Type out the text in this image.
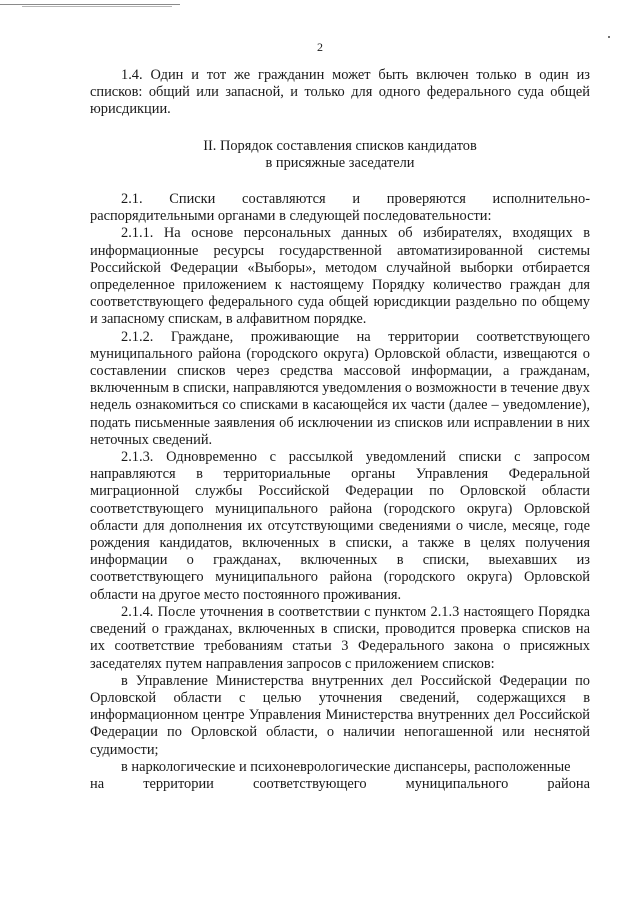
2

1.4. Один и тот же гражданин может быть включен только в один из списков: общий или запасной, и только для одного федерального суда общей юрисдикции.

II. Порядок составления списков кандидатов

в присяжные заседатели

2.1. Списки составляются и проверяются исполнительно-распорядительными органами в следующей последовательности:

2.1.1. На основе персональных данных об избирателях, входящих в информационные ресурсы государственной автоматизированной системы Российской Федерации «Выборы», методом случайной выборки отбирается определенное приложением к настоящему Порядку количество граждан для соответствующего федерального суда общей юрисдикции раздельно по общему и запасному спискам, в алфавитном порядке.

2.1.2. Граждане, проживающие на территории соответствующего муниципального района (городского округа) Орловской области, извещаются о составлении списков через средства массовой информации, а гражданам, включенным в списки, направляются уведомления о возможности в течение двух недель ознакомиться со списками в касающейся их части (далее – уведомление), подать письменные заявления об исключении из списков или исправлении в них неточных сведений.

2.1.3. Одновременно с рассылкой уведомлений списки с запросом направляются в территориальные органы Управления Федеральной миграционной службы Российской Федерации по Орловской области соответствующего муниципального района (городского округа) Орловской области для дополнения их отсутствующими сведениями о числе, месяце, годе рождения кандидатов, включенных в списки, а также в целях получения информации о гражданах, включенных в списки, выехавших из соответствующего муниципального района (городского округа) Орловской области на другое место постоянного проживания.

2.1.4. После уточнения в соответствии с пунктом 2.1.3 настоящего Порядка сведений о гражданах, включенных в списки, проводится проверка списков на их соответствие требованиям статьи 3 Федерального закона о присяжных заседателях путем направления запросов с приложением списков:

в Управление Министерства внутренних дел Российской Федерации по Орловской области с целью уточнения сведений, содержащихся в информационном центре Управления Министерства внутренних дел Российской Федерации по Орловской области, о наличии непогашенной или неснятой судимости;

в наркологические и психоневрологические диспансеры, расположенные

на территории соответствующего муниципального района
